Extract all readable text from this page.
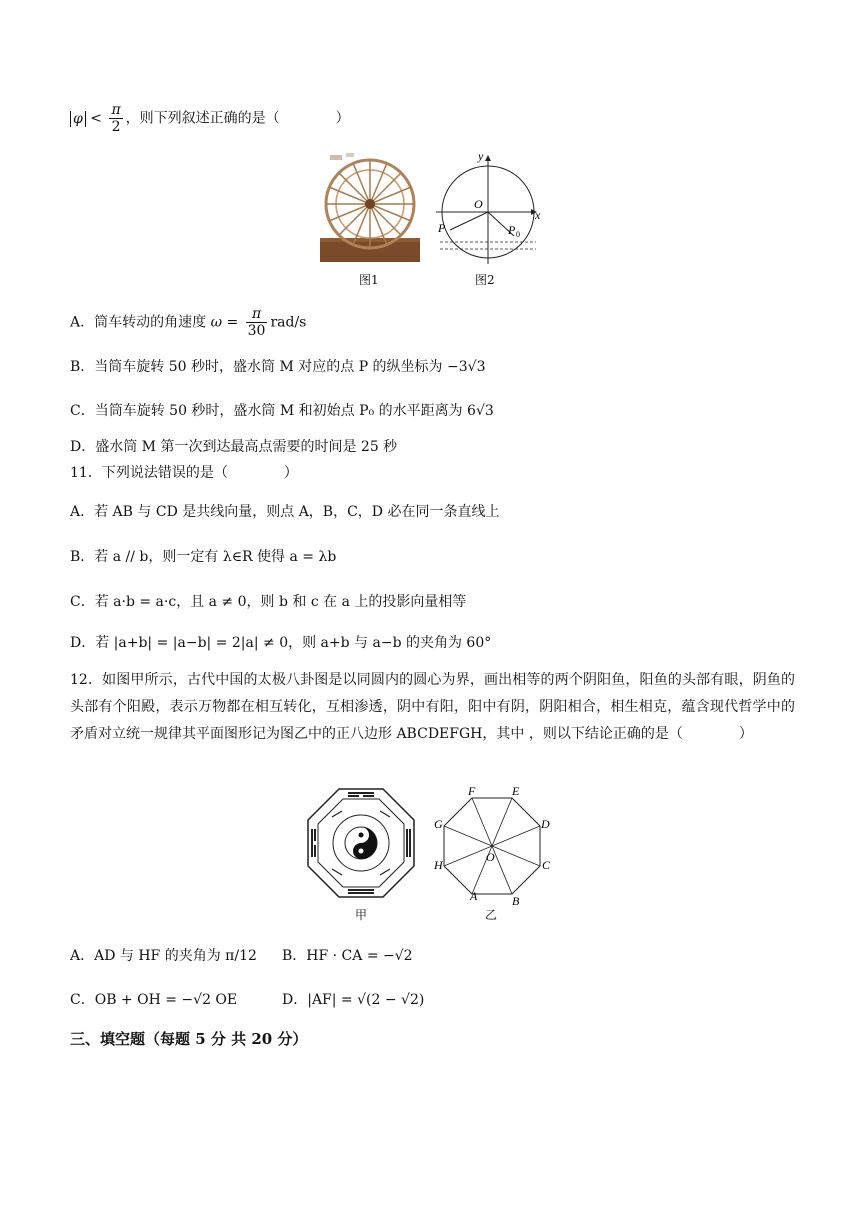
$\varphi < \frac{\pi}{2}$ ，则下列叙述正确的是（　　　　）
图1
y
x
O
P	P 0
图2
A．筒车转动的角速度 $\omega = \frac{\pi}{30} rad/s$
B．当筒车旋转 50 秒时，盛水筒 M 对应的点 P 的纵坐标为 −3√3
C．当筒车旋转 50 秒时，盛水筒 M 和初始点 P₀ 的水平距离为 6√3
D．盛水筒 M 第一次到达最高点需要的时间是 25 秒
11．下列说法错误的是（　　　　）
A．若 AB 与 CD 是共线向量，则点 A，B，C，D 必在同一条直线上
B．若 a // b，则一定有 λ∈R 使得 a = λb
C．若 a·b = a·c，且 a ≠ 0，则 b 和 c 在 a 上的投影向量相等
D．若 |a+b| = |a−b| = 2|a| ≠ 0，则 a+b 与 a−b 的夹角为 60°
12．如图甲所示，古代中国的太极八卦图是以同圆内的圆心为界，画出相等的两个阴阳鱼，阳鱼的头部有眼，阴鱼的头部有个阳殿，表示万物都在相互转化，互相渗透，阴中有阳，阳中有阴，阴阳相合，相生相克，蕴含现代哲学中的矛盾对立统一规律其平面图形记为图乙中的正八边形 ABCDEFGH，其中 ，则以下结论正确的是（　　　　）
甲
A	B
C
D
E
F
G
H
O
乙
A．AD 与 HF 的夹角为 π/12 B．HF · CA = −√2
C．OB + OH = −√2 OE	D．|AF| = √(2 − √2)
三、填空题（每题 5 分 共 20 分）
